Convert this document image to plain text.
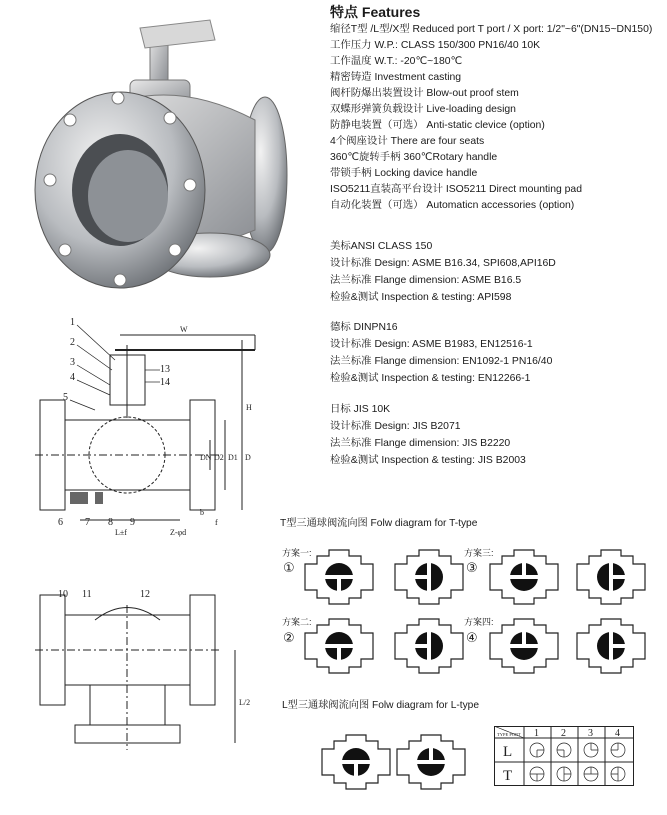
特点 Features
缩径T型 /L型/X型 Reduced port T port / X port: 1/2"~6"(DN15~DN150)
工作压力 W.P.: CLASS 150/300 PN16/40 10K
工作温度 W.T.: -20℃~180℃
精密铸造 Investment casting
阀杆防爆出装置设计 Blow-out proof stem
双蝶形弹簧负载设计 Live-loading design
防静电装置（可选） Anti-static clevice (option)
4个阀座设计 There are four seats
360℃旋转手柄 360℃Rotary handle
带锁手柄 Locking davice handle
ISO5211直装高平台设计 ISO5211 Direct mounting pad
自动化装置（可选） Automaticn accessories (option)
美标ANSI CLASS 150
设计标准 Design: ASME B16.34, SPI608,API16D
法兰标准 Flange dimension: ASME B16.5
检验&测试 Inspection & testing: API598
德标 DINPN16
设计标准 Design: ASME B1983, EN12516-1
法兰标准 Flange dimension: EN1092-1 PN16/40
检验&测试 Inspection & testing: EN12266-1
日标 JIS 10K
设计标准 Design: JIS B2071
法兰标准 Flange dimension: JIS B2220
检验&测试 Inspection & testing: JIS B2003
1
2
3
4
5
6 7 8 9
10 11	12
13
14
W
H
DN D2 D1 D
Z-φd
b
f
L±f
L/2
T型三通球阀流向图 Folw diagram for T-type
方案一:	方案三:
方案二:	方案四:
①
②
③
④
L型三通球阀流向图 Folw diagram for L-type
TYPE PORT 1 2 3 4
L
T
